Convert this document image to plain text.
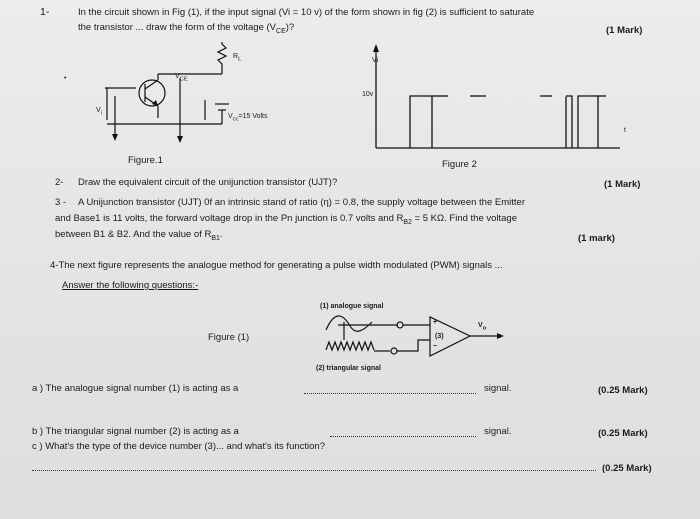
1-	In the circuit shown in Fig (1), if the input signal (Vi = 10 v) of the form shown in fig (2) is sufficient to saturate
the transistor ... draw the form of the voltage $(V_{CE})$?	(1 Mark)
$R_L$
$V_{CE}$
$V_i$	$V_{cc}=15$ Volts
•
Figure.1
Vi
10v
t
Figure 2
2- Draw the equivalent circuit of the unijunction transistor (UJT)?	(1 Mark)
3 - A Unijunction transistor (UJT) 0f an intrinsic stand of ratio (η) = 0.8, the supply voltage between the Emitter
and Base1 is 11 volts, the forward voltage drop in the Pn junction is 0.7 volts and $R_{B2} = 5$ KΩ. Find the voltage
between B1 & B2. And the value of $R_{B1}$.	(1 mark)
4-The next figure represents the analogue method for generating a pulse width modulated (PWM) signals ...
Answer the following questions:-
Figure (1)
(1) analogue signal
(2) triangular signal
+
−
(3)
$V_o$
a ) The analogue signal number (1) is acting as a	signal.	(0.25 Mark)
b ) The triangular signal number (2) is acting as a	signal.	(0.25 Mark)
c ) What's the type of the device number (3)... and what's its function?
(0.25 Mark)
